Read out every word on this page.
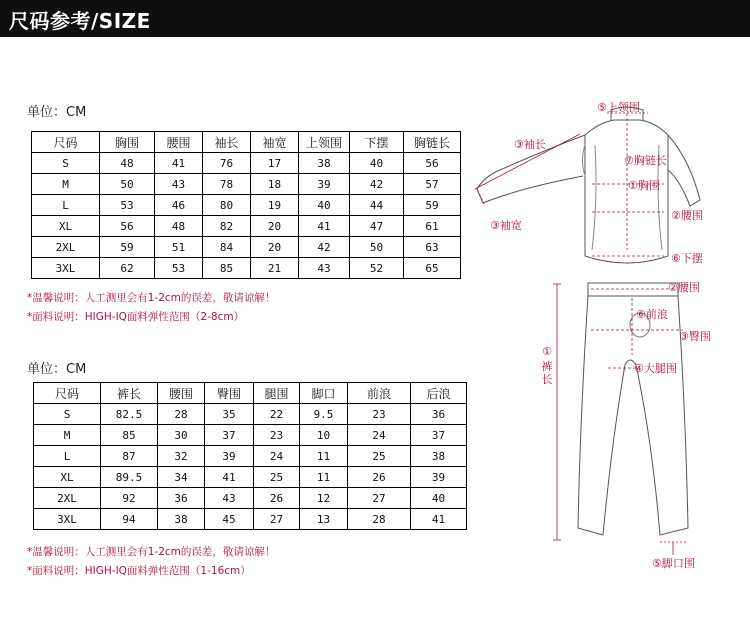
尺码参考/SIZE
单位：CM
尺码	胸围	腰围	袖长	袖宽	上领围	下摆	胸链长
S	48	41	76	17	38	40	56
M	50	43	78	18	39	42	57
L	53	46	80	19	40	44	59
XL	56	48	82	20	41	47	61
2XL	59	51	84	20	42	50	63
3XL	62	53	85	21	43	52	65
*温馨说明：人工测里会有1-2cm的误差，敬请谅解！
*面料说明：HIGH-IQ面料弹性范围（2-8cm）
单位：CM
尺码	裤长	腰围	臀围	腿围	脚口	前浪	后浪
S	82.5	28	35	22	9.5	23	36
M	85	30	37	23	10	24	37
L	87	32	39	24	11	25	38
XL	89.5	34	41	25	11	26	39
2XL	92	36	43	26	12	27	40
3XL	94	38	45	27	13	28	41
*温馨说明：人工测里会有1-2cm的误差，敬请谅解！
*面料说明：HIGH-IQ面料弹性范围（1-16cm）
⑤上领围
③袖长
⑦胸链长
①胸围
②腰围
③袖宽
⑥下摆
②腰围
⑥前浪
③臀围
④大腿围
①
裤长
⑤脚口围
